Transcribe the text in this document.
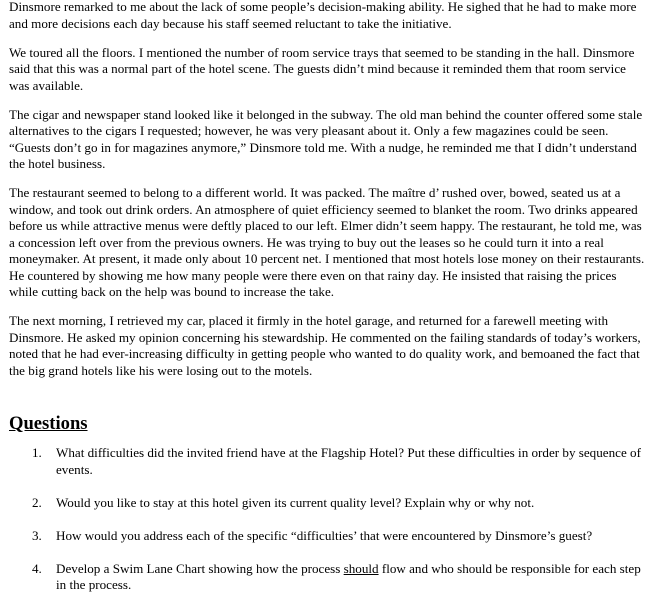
Dinsmore remarked to me about the lack of some people’s decision-making ability. He sighed that he had to make more and more decisions each day because his staff seemed reluctant to take the initiative.

We toured all the floors. I mentioned the number of room service trays that seemed to be standing in the hall. Dinsmore said that this was a normal part of the hotel scene. The guests didn’t mind because it reminded them that room service was available.

The cigar and newspaper stand looked like it belonged in the subway. The old man behind the counter offered some stale alternatives to the cigars I requested; however, he was very pleasant about it. Only a few magazines could be seen. “Guests don’t go in for magazines anymore,” Dinsmore told me. With a nudge, he reminded me that I didn’t understand the hotel business.

The restaurant seemed to belong to a different world. It was packed. The maître d’ rushed over, bowed, seated us at a window, and took out drink orders. An atmosphere of quiet efficiency seemed to blanket the room. Two drinks appeared before us while attractive menus were deftly placed to our left. Elmer didn’t seem happy. The restaurant, he told me, was a concession left over from the previous owners. He was trying to buy out the leases so he could turn it into a real moneymaker. At present, it made only about 10 percent net. I mentioned that most hotels lose money on their restaurants. He countered by showing me how many people were there even on that rainy day. He insisted that raising the prices while cutting back on the help was bound to increase the take.

The next morning, I retrieved my car, placed it firmly in the hotel garage, and returned for a farewell meeting with Dinsmore. He asked my opinion concerning his stewardship. He commented on the failing standards of today’s workers, noted that he had ever-increasing difficulty in getting people who wanted to do quality work, and bemoaned the fact that the big grand hotels like his were losing out to the motels.

Questions
1. What difficulties did the invited friend have at the Flagship Hotel? Put these difficulties in order by sequence of events.
2. Would you like to stay at this hotel given its current quality level? Explain why or why not.
3. How would you address each of the specific “difficulties’ that were encountered by Dinsmore’s guest?
4. Develop a Swim Lane Chart showing how the process should flow and who should be responsible for each step in the process.
